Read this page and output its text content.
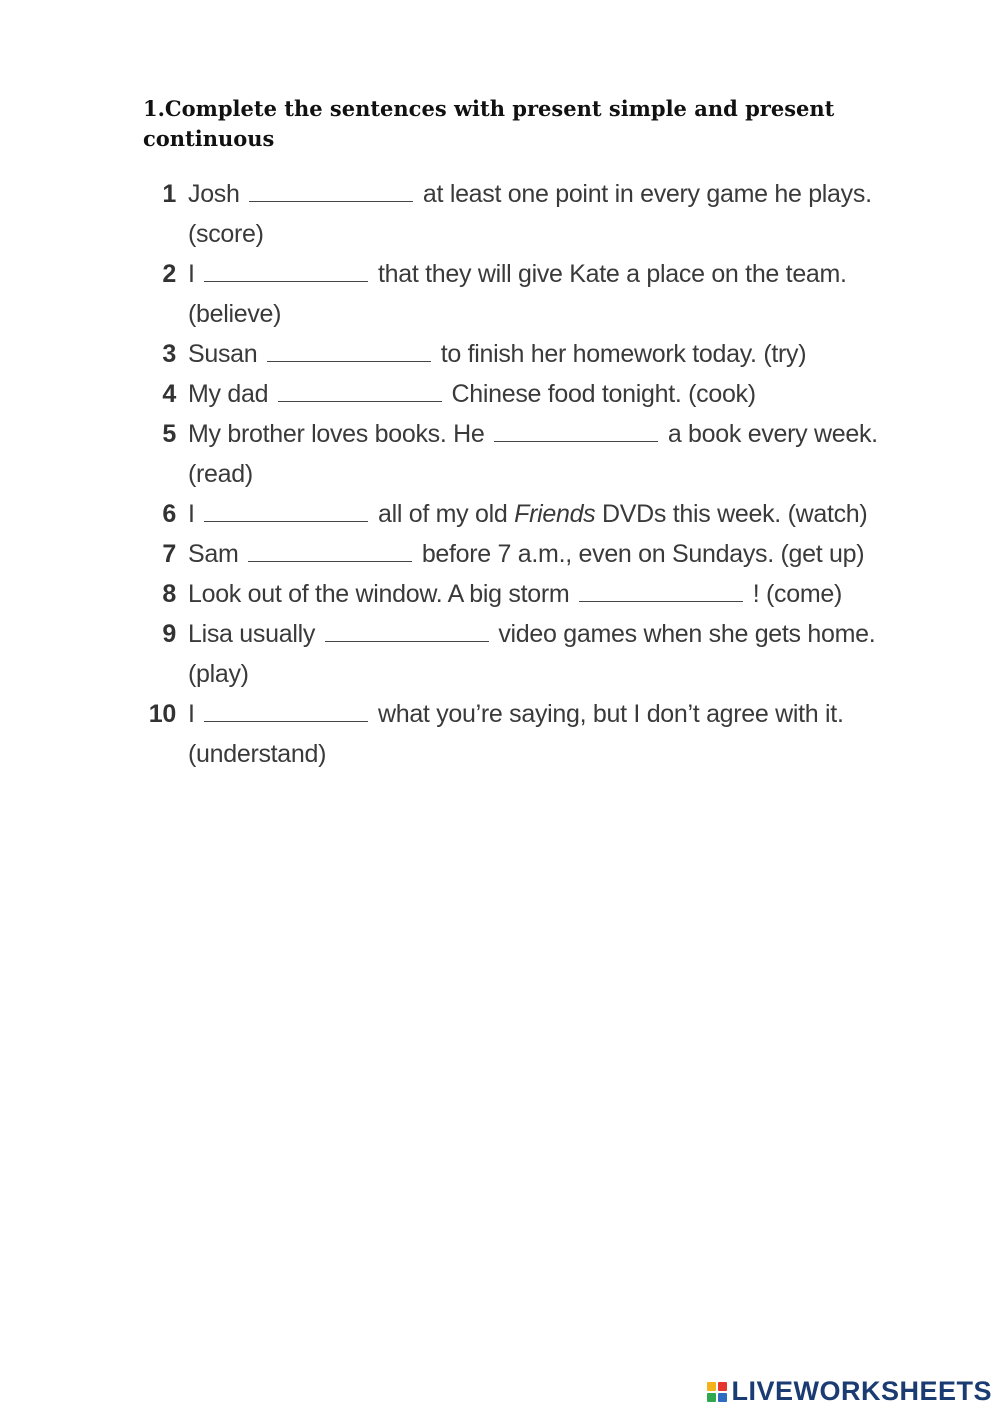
1.Complete the sentences with present simple and present continuous
1 Josh	at least one point in every game he plays. (score)
2 I	that they will give Kate a place on the team. (believe)
3 Susan	to finish her homework today. (try)
4 My dad	Chinese food tonight. (cook)
5 My brother loves books. He	a book every week. (read)
6 I	all of my old Friends DVDs this week. (watch)
7 Sam	before 7 a.m., even on Sundays. (get up)
8 Look out of the window. A big storm	! (come)
9 Lisa usually	video games when she gets home. (play)
10 I	what you’re saying, but I don’t agree with it. (understand)
LIVEWORKSHEETS
